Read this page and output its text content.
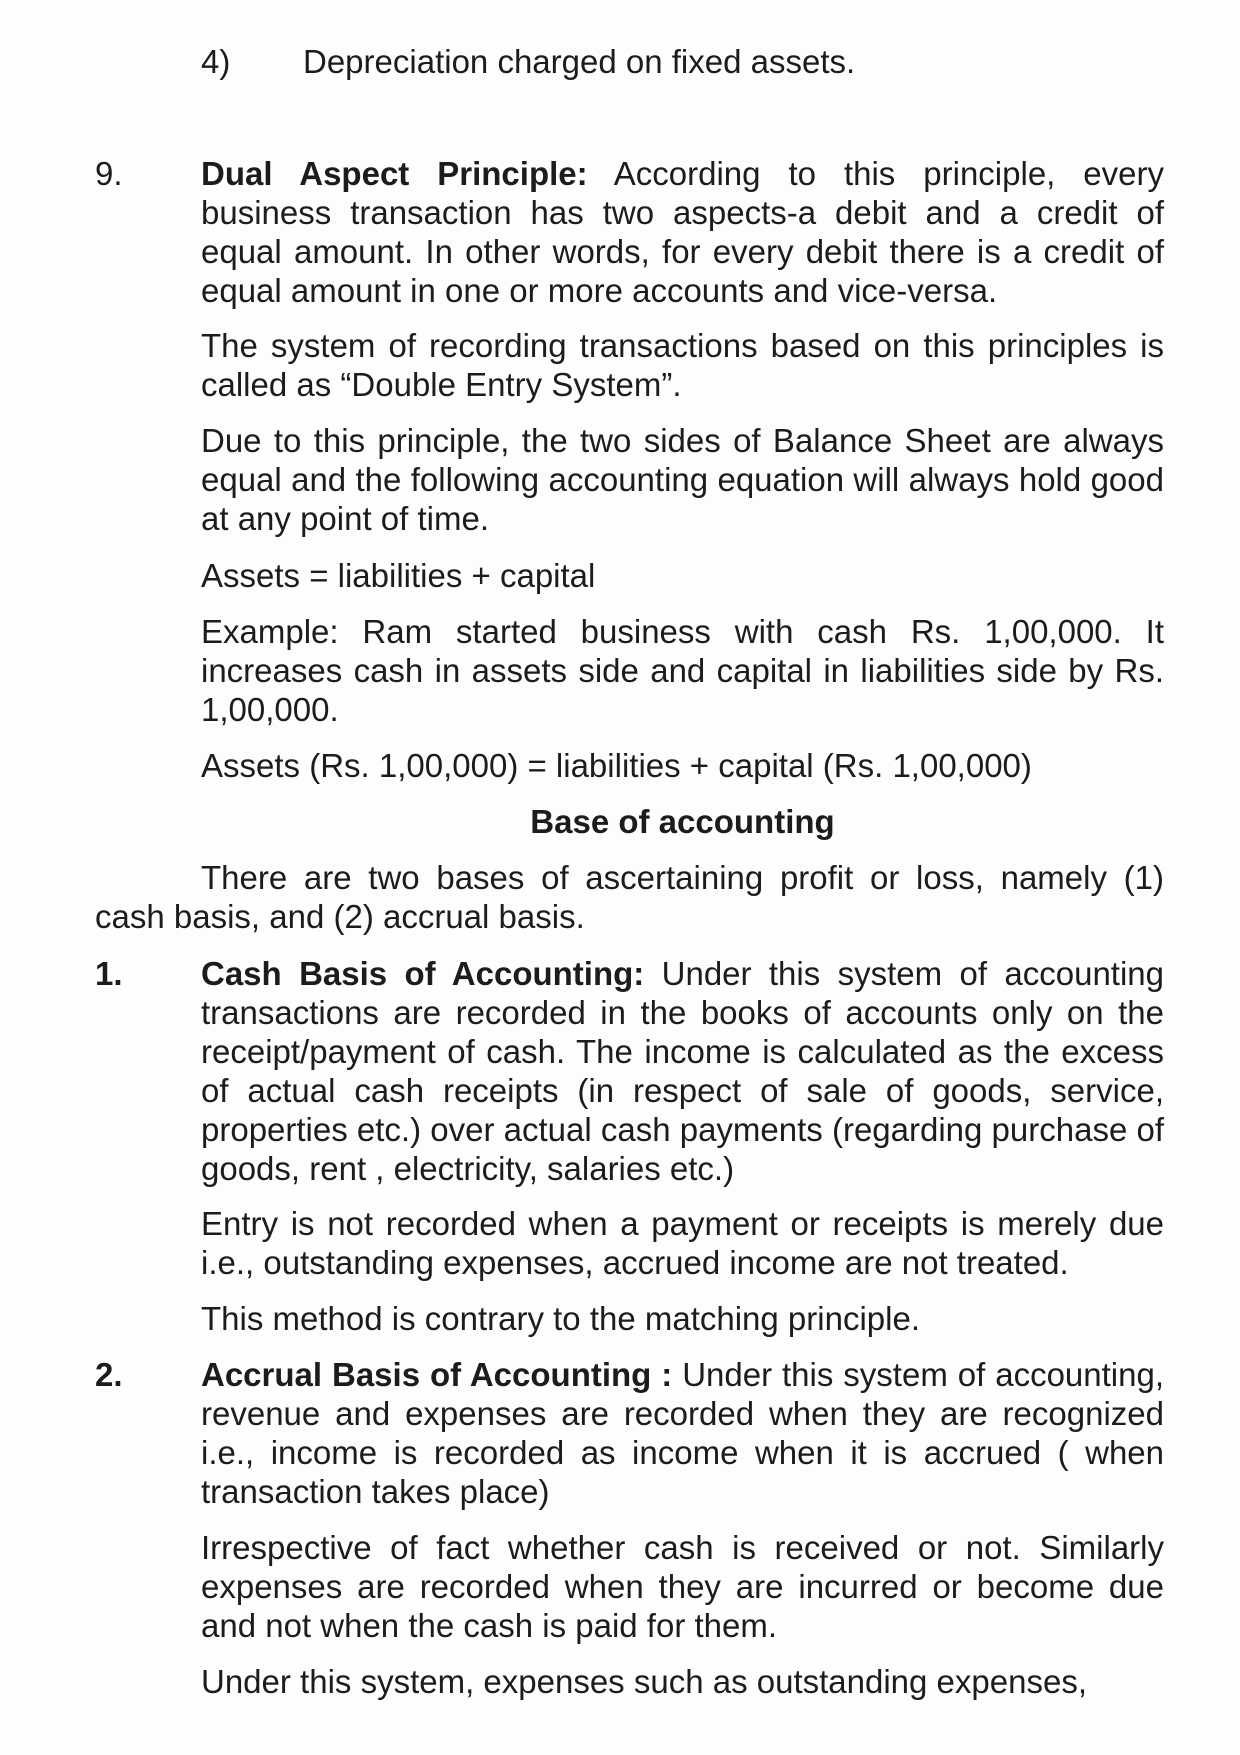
4) Depreciation charged on fixed assets.
9. Dual Aspect Principle: According to this principle, every business transaction has two aspects-a debit and a credit of equal amount. In other words, for every debit there is a credit of equal amount in one or more accounts and vice-versa.
The system of recording transactions based on this principles is called as “Double Entry System”.
Due to this principle, the two sides of Balance Sheet are always equal and the following accounting equation will always hold good at any point of time.
Assets = liabilities + capital
Example: Ram started business with cash Rs. 1,00,000. It increases cash in assets side and capital in liabilities side by Rs. 1,00,000.
Assets (Rs. 1,00,000) = liabilities + capital (Rs. 1,00,000)
Base of accounting
There are two bases of ascertaining profit or loss, namely (1) cash basis, and (2) accrual basis.
1. Cash Basis of Accounting: Under this system of accounting transactions are recorded in the books of accounts only on the receipt/payment of cash. The income is calculated as the excess of actual cash receipts (in respect of sale of goods, service, properties etc.) over actual cash payments (regarding purchase of goods, rent , electricity, salaries etc.)
Entry is not recorded when a payment or receipts is merely due i.e., outstanding expenses, accrued income are not treated.
This method is contrary to the matching principle.
2. Accrual Basis of Accounting : Under this system of accounting, revenue and expenses are recorded when they are recognized i.e., income is recorded as income when it is accrued ( when transaction takes place)
Irrespective of fact whether cash is received or not. Similarly expenses are recorded when they are incurred or become due and not when the cash is paid for them.
Under this system, expenses such as outstanding expenses,
